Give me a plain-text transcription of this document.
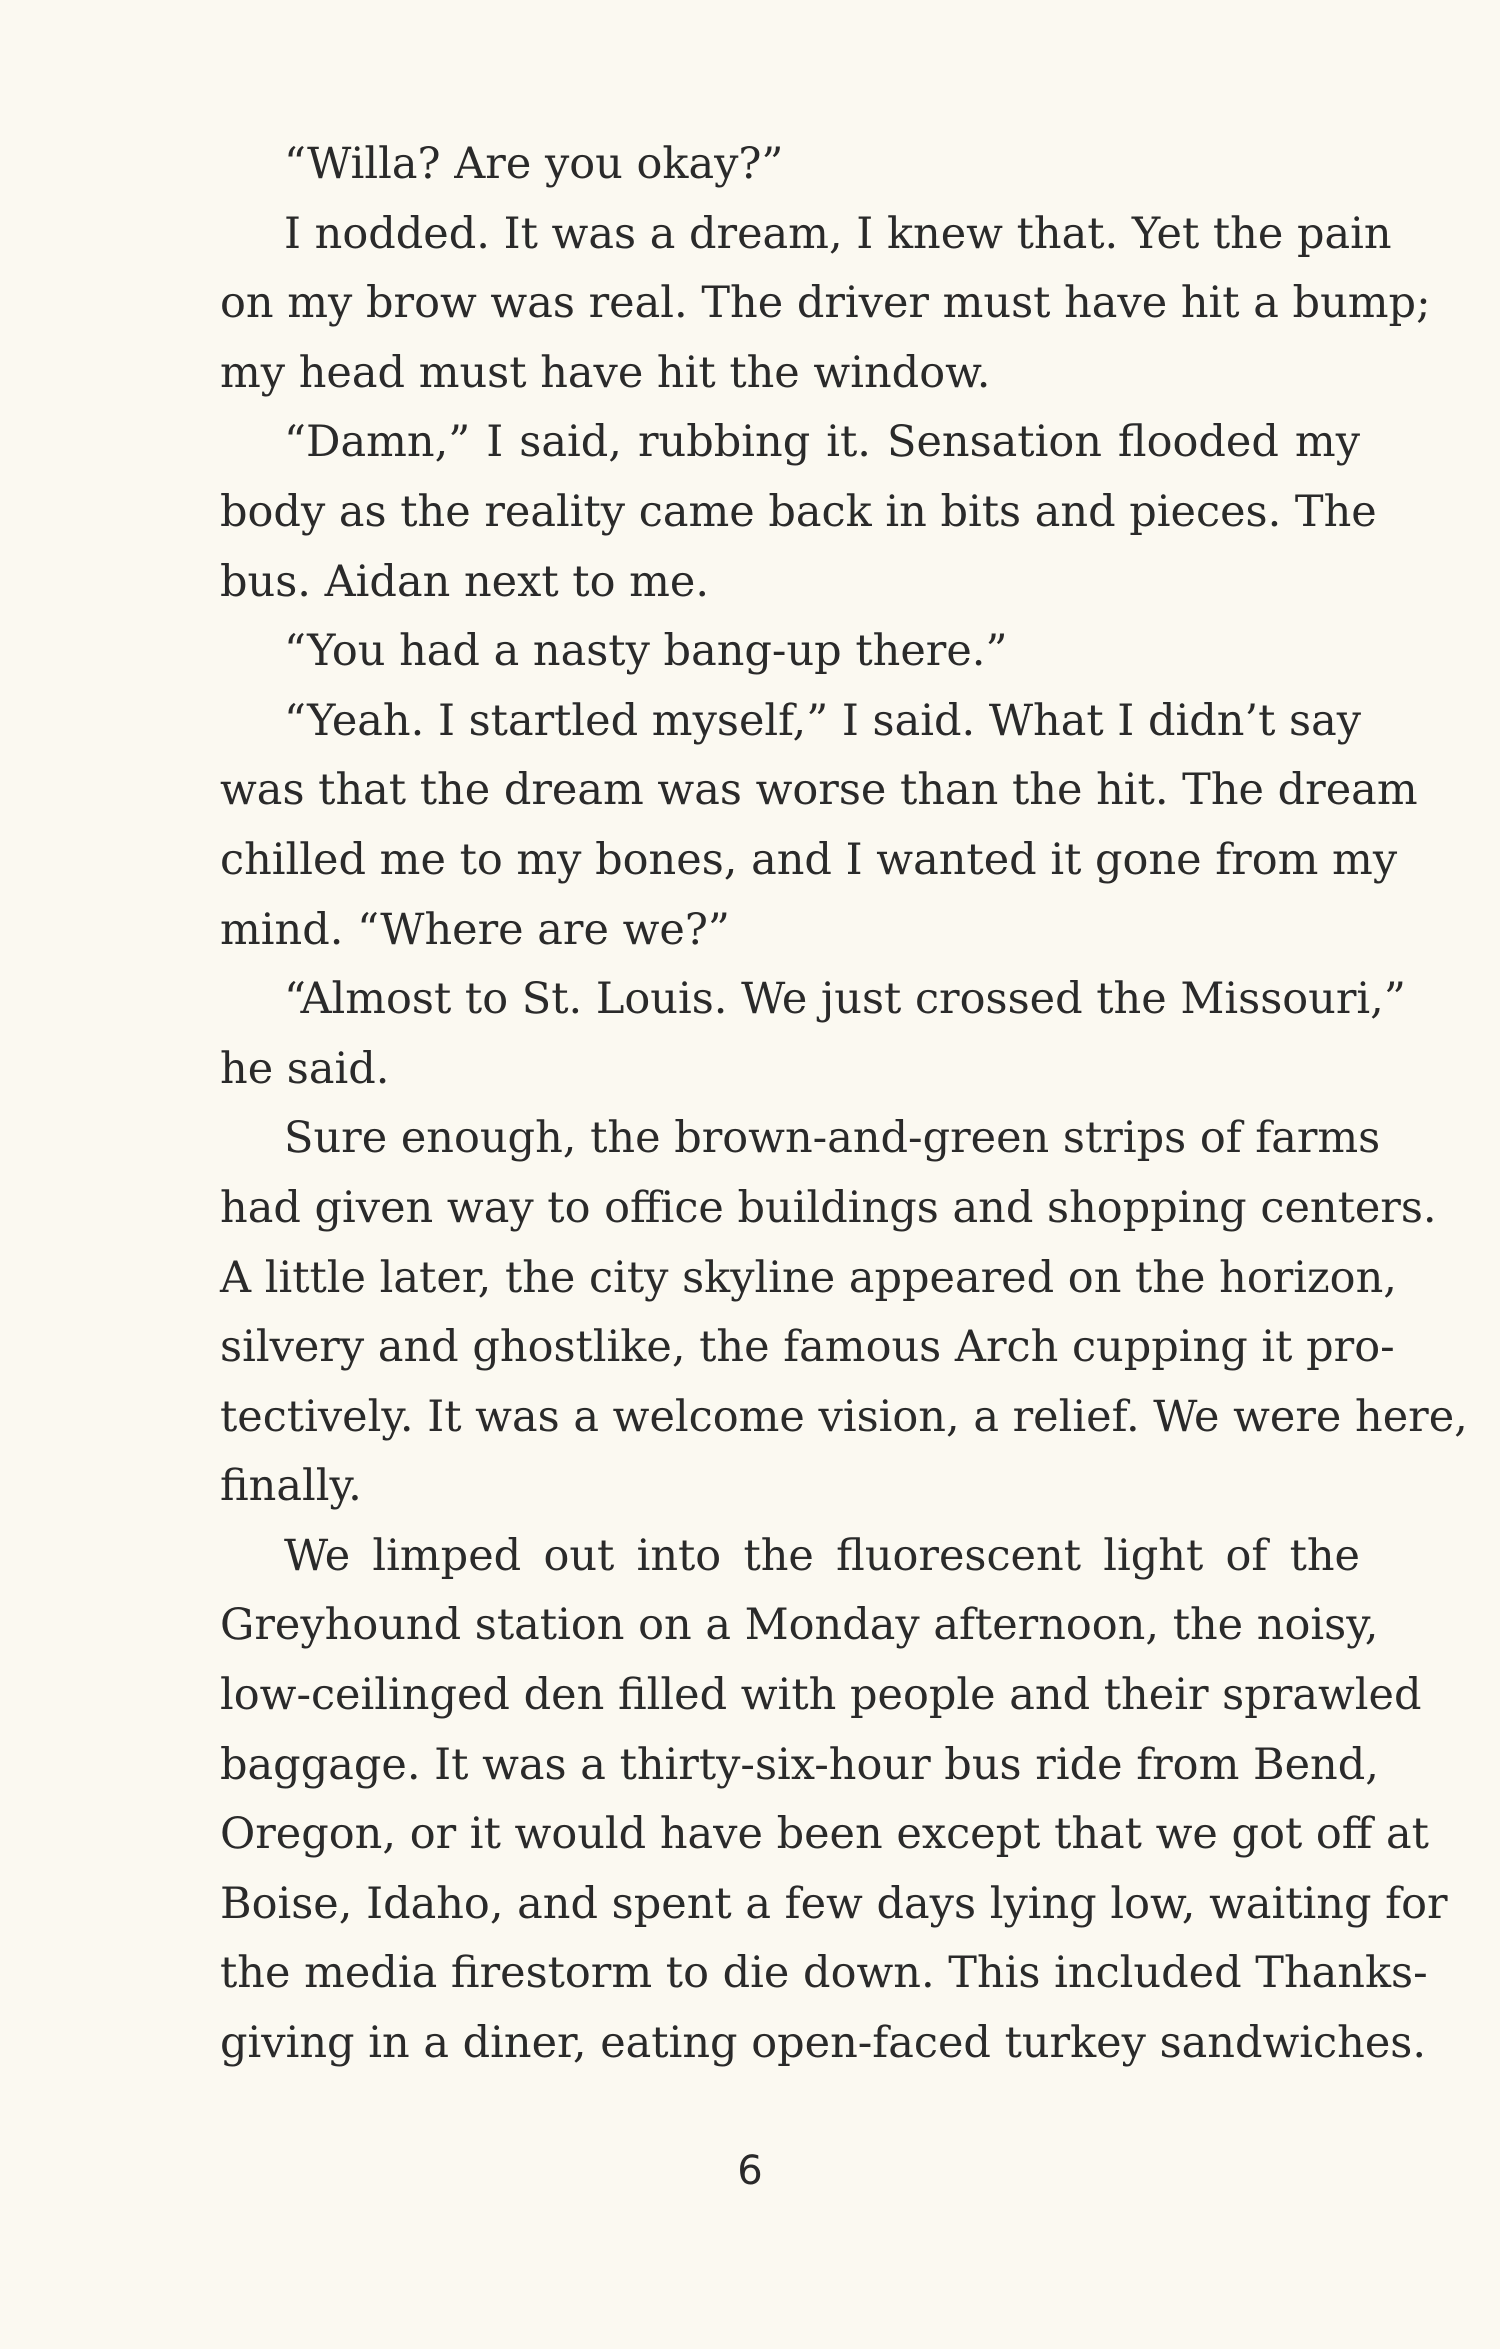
“Willa? Are you okay?”
I nodded. It was a dream, I knew that. Yet the pain
on my brow was real. The driver must have hit a bump;
my head must have hit the window.
“Damn,” I said, rubbing it. Sensation flooded my
body as the reality came back in bits and pieces. The
bus. Aidan next to me.
“You had a nasty bang-up there.”
“Yeah. I startled myself,” I said. What I didn’t say
was that the dream was worse than the hit. The dream
chilled me to my bones, and I wanted it gone from my
mind. “Where are we?”
“Almost to St. Louis. We just crossed the Missouri,”
he said.
Sure enough, the brown-and-green strips of farms
had given way to office buildings and shopping centers.
A little later, the city skyline appeared on the horizon,
silvery and ghostlike, the famous Arch cupping it pro-
tectively. It was a welcome vision, a relief. We were here,
finally.
We limped out into the fluorescent light of the
Greyhound station on a Monday afternoon, the noisy,
low-ceilinged den filled with people and their sprawled
baggage. It was a thirty-six-hour bus ride from Bend,
Oregon, or it would have been except that we got off at
Boise, Idaho, and spent a few days lying low, waiting for
the media firestorm to die down. This included Thanks-
giving in a diner, eating open-faced turkey sandwiches.
6
